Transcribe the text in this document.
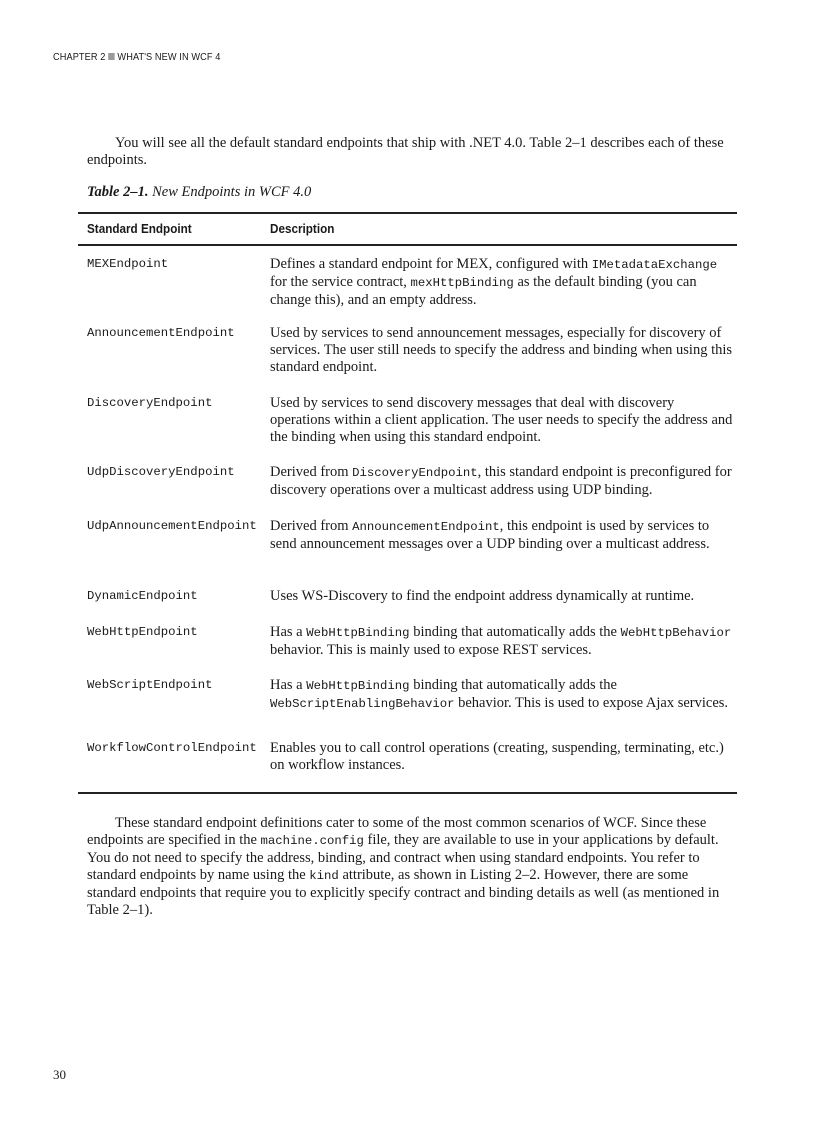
CHAPTER 2 WHAT'S NEW IN WCF 4

You will see all the default standard endpoints that ship with .NET 4.0. Table 2–1 describes each of these endpoints.

Table 2–1. New Endpoints in WCF 4.0
Standard Endpoint	Description
MEXEndpoint	Defines a standard endpoint for MEX, configured with IMetadataExchange for the service contract, mexHttpBinding as the default binding (you can change this), and an empty address.
AnnouncementEndpoint Used by services to send announcement messages, especially for discovery of services. The user still needs to specify the address and binding when using this standard endpoint.
DiscoveryEndpoint	Used by services to send discovery messages that deal with discovery operations within a client application. The user needs to specify the address and the binding when using this standard endpoint.
UdpDiscoveryEndpoint Derived from DiscoveryEndpoint, this standard endpoint is preconfigured for discovery operations over a multicast address using UDP binding.
UdpAnnouncementEndpoint Derived from AnnouncementEndpoint, this endpoint is used by services to send announcement messages over a UDP binding over a multicast address.
DynamicEndpoint	Uses WS-Discovery to find the endpoint address dynamically at runtime.
WebHttpEndpoint	Has a WebHttpBinding binding that automatically adds the WebHttpBehavior behavior. This is mainly used to expose REST services.
WebScriptEndpoint	Has a WebHttpBinding binding that automatically adds the WebScriptEnablingBehavior behavior. This is used to expose Ajax services.
WorkflowControlEndpoint Enables you to call control operations (creating, suspending, terminating, etc.) on workflow instances.

These standard endpoint definitions cater to some of the most common scenarios of WCF. Since these endpoints are specified in the machine.config file, they are available to use in your applications by default. You do not need to specify the address, binding, and contract when using standard endpoints. You refer to standard endpoints by name using the kind attribute, as shown in Listing 2–2. However, there are some standard endpoints that require you to explicitly specify contract and binding details as well (as mentioned in Table 2–1).

30
